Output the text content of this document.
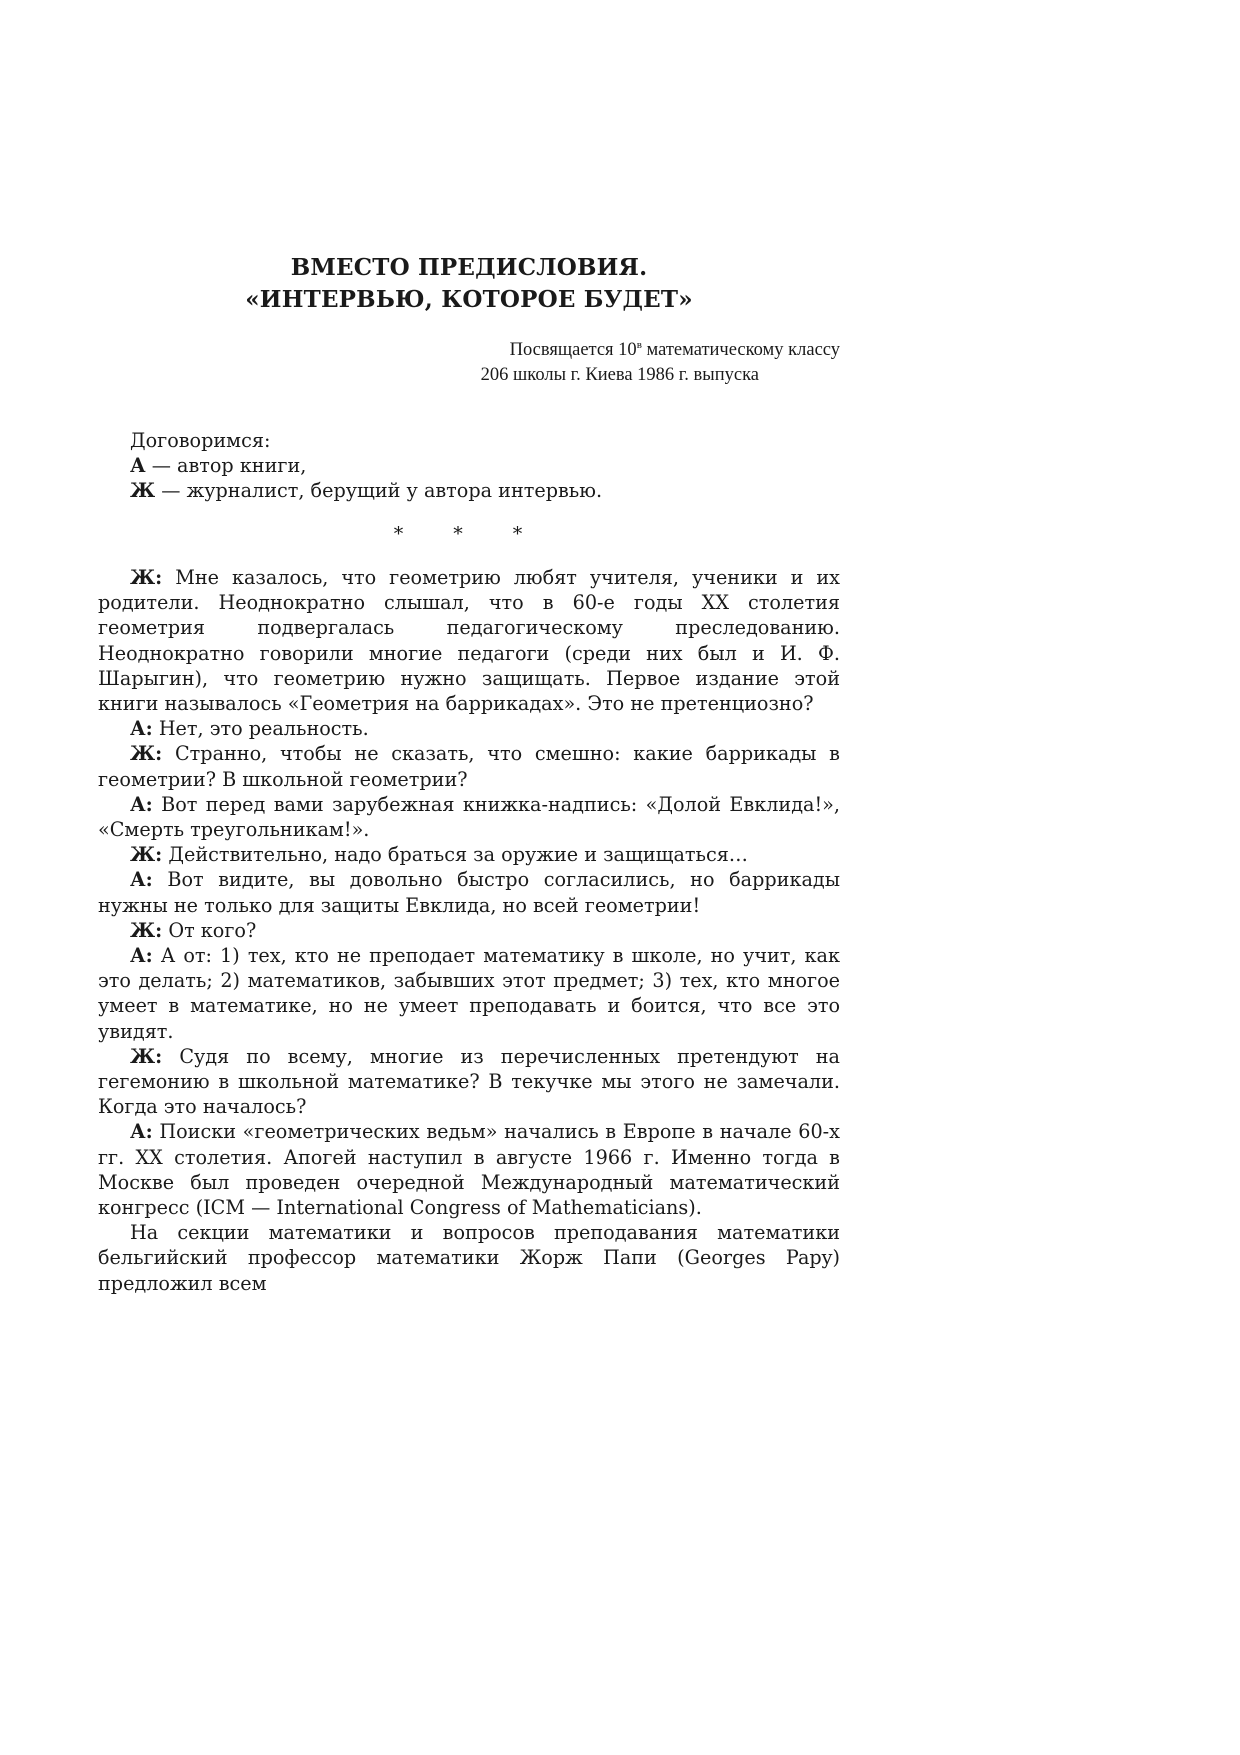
ВМЕСТО ПРЕДИСЛОВИЯ.
«ИНТЕРВЬЮ, КОТОРОЕ БУДЕТ»
Посвящается $10^в$ математическому классу
206 школы г. Киева 1986 г. выпуска
Договоримся:
А — автор книги,
Ж — журналист, берущий у автора интервью.
* * *

Ж: Мне казалось, что геометрию любят учителя, ученики и их родители. Неоднократно слышал, что в 60-е годы XX столетия геометрия подвергалась педагогическому преследованию. Неоднократно говорили многие педагоги (среди них был и И. Ф. Шарыгин), что геометрию нужно защищать. Первое издание этой книги называлось «Геометрия на баррикадах». Это не претенциозно?

А: Нет, это реальность.

Ж: Странно, чтобы не сказать, что смешно: какие баррикады в геометрии? В школьной геометрии?

А: Вот перед вами зарубежная книжка-надпись: «Долой Евклида!», «Смерть треугольникам!».

Ж: Действительно, надо браться за оружие и защищаться…

А: Вот видите, вы довольно быстро согласились, но баррикады нужны не только для защиты Евклида, но всей геометрии!

Ж: От кого?

А: А от: 1) тех, кто не преподает математику в школе, но учит, как это делать; 2) математиков, забывших этот предмет; 3) тех, кто многое умеет в математике, но не умеет преподавать и боится, что все это увидят.

Ж: Судя по всему, многие из перечисленных претендуют на гегемонию в школьной математике? В текучке мы этого не замечали. Когда это началось?

А: Поиски «геометрических ведьм» начались в Европе в начале 60-х гг. XX столетия. Апогей наступил в августе 1966 г. Именно тогда в Москве был проведен очередной Международный математический конгресс (ICM — International Congress of Mathematicians).

На секции математики и вопросов преподавания математики бельгийский профессор математики Жорж Папи (Georges Papy) предложил всем
